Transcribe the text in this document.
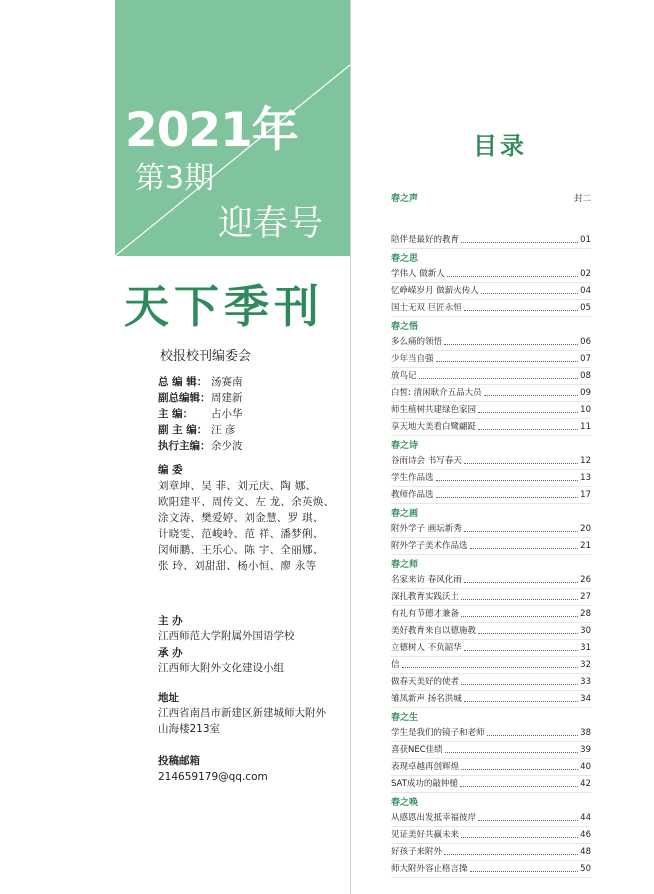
2021年
第3期
迎春号
天下季刊
校报校刊编委会
总 编 辑： 汤赛南
副总编辑： 周建新
主 编：	占小华
副 主 编： 汪 彦
执行主编： 余少波
编 委
刘章坤、吴 菲、刘元庆、陶 娜、
欧阳建平、周传文、左 龙、余英焕、
涂文涛、樊爱婷、刘金慧、罗 琪、
计晓雯、范峻岭、范 祥、潘梦俐、
闵师鹏、王乐心、陈 宇、全丽娜、
张 玲、刘甜甜、杨小恒、廖 永等
主 办
江西师范大学附属外国语学校
承 办
江西师大附外文化建设小组
地址
江西省南昌市新建区新建城师大附外
山海楼213室
投稿邮箱
214659179@qq.com
目录
春之声	封二
陪伴是最好的教育	01
春之思
学伟人 做新人	02
忆峥嵘岁月 做薪火传人	04
国士无双 巨匠永恒	05
春之悟
多么痛的领悟	06
少年当自强	07
放鸟记	08
白皙: 清闲耿介五品大员	09
师生植树共建绿色家园	10
享天地大美看白鹭翩跹	11
春之诗
谷雨诗会 书写春天	12
学生作品选	13
教师作品选	17
春之画
附外学子 画坛新秀	20
附外学子美术作品选	21
春之师
名家来访 春风化雨	26
深扎教育实践沃土	27
有礼有节德才兼备	28
美好教育来自以德施教	30
立德树人 不负韶华	31
信	32
做春天美好的使者	33
雏凤新声 扬名洪城	34
春之生
学生是我们的镜子和老师	38
喜获NEC佳绩	39
表现卓越再创辉煌	40
SAT成功的敲钟槌	42
春之唤
从感恩出发抵幸福彼岸	44
见证美好共赢未来	46
好孩子来附外	48
师大附外容止格言操	50
